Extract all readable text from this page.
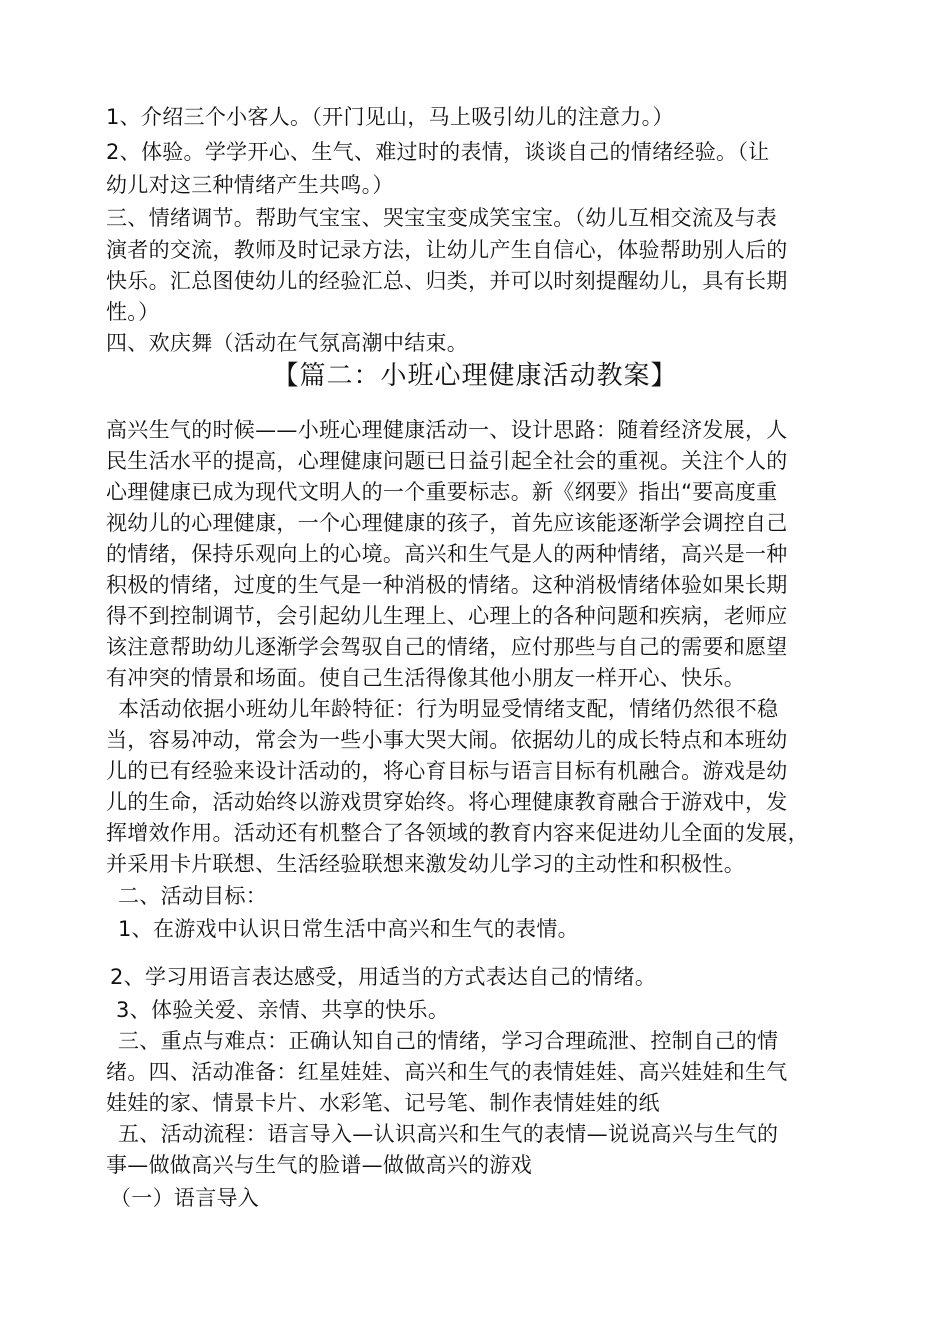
1、介绍三个小客人。（开门见山，马上吸引幼儿的注意力。）
2、体验。学学开心、生气、难过时的表情，谈谈自己的情绪经验。（让
幼儿对这三种情绪产生共鸣。）
三、情绪调节。帮助气宝宝、哭宝宝变成笑宝宝。（幼儿互相交流及与表
演者的交流，教师及时记录方法，让幼儿产生自信心，体验帮助别人后的
快乐。汇总图使幼儿的经验汇总、归类，并可以时刻提醒幼儿，具有长期
性。）
四、欢庆舞（活动在气氛高潮中结束。
【篇二：小班心理健康活动教案】
高兴生气的时候——小班心理健康活动一、设计思路：随着经济发展，人
民生活水平的提高，心理健康问题已日益引起全社会的重视。关注个人的
心理健康已成为现代文明人的一个重要标志。新《纲要》指出“要高度重
视幼儿的心理健康，一个心理健康的孩子，首先应该能逐渐学会调控自己
的情绪，保持乐观向上的心境。高兴和生气是人的两种情绪，高兴是一种
积极的情绪，过度的生气是一种消极的情绪。这种消极情绪体验如果长期
得不到控制调节，会引起幼儿生理上、心理上的各种问题和疾病，老师应
该注意帮助幼儿逐渐学会驾驭自己的情绪，应付那些与自己的需要和愿望
有冲突的情景和场面。使自己生活得像其他小朋友一样开心、快乐。
本活动依据小班幼儿年龄特征：行为明显受情绪支配，情绪仍然很不稳
当，容易冲动，常会为一些小事大哭大闹。依据幼儿的成长特点和本班幼
儿的已有经验来设计活动的，将心育目标与语言目标有机融合。游戏是幼
儿的生命，活动始终以游戏贯穿始终。将心理健康教育融合于游戏中，发
挥增效作用。活动还有机整合了各领域的教育内容来促进幼儿全面的发展，
并采用卡片联想、生活经验联想来激发幼儿学习的主动性和积极性。
二、活动目标：
1、在游戏中认识日常生活中高兴和生气的表情。
2、学习用语言表达感受，用适当的方式表达自己的情绪。
3、体验关爱、亲情、共享的快乐。
三、重点与难点：正确认知自己的情绪，学习合理疏泄、控制自己的情
绪。四、活动准备：红星娃娃、高兴和生气的表情娃娃、高兴娃娃和生气
娃娃的家、情景卡片、水彩笔、记号笔、制作表情娃娃的纸
五、活动流程：语言导入—认识高兴和生气的表情—说说高兴与生气的
事—做做高兴与生气的脸谱—做做高兴的游戏
（一）语言导入
